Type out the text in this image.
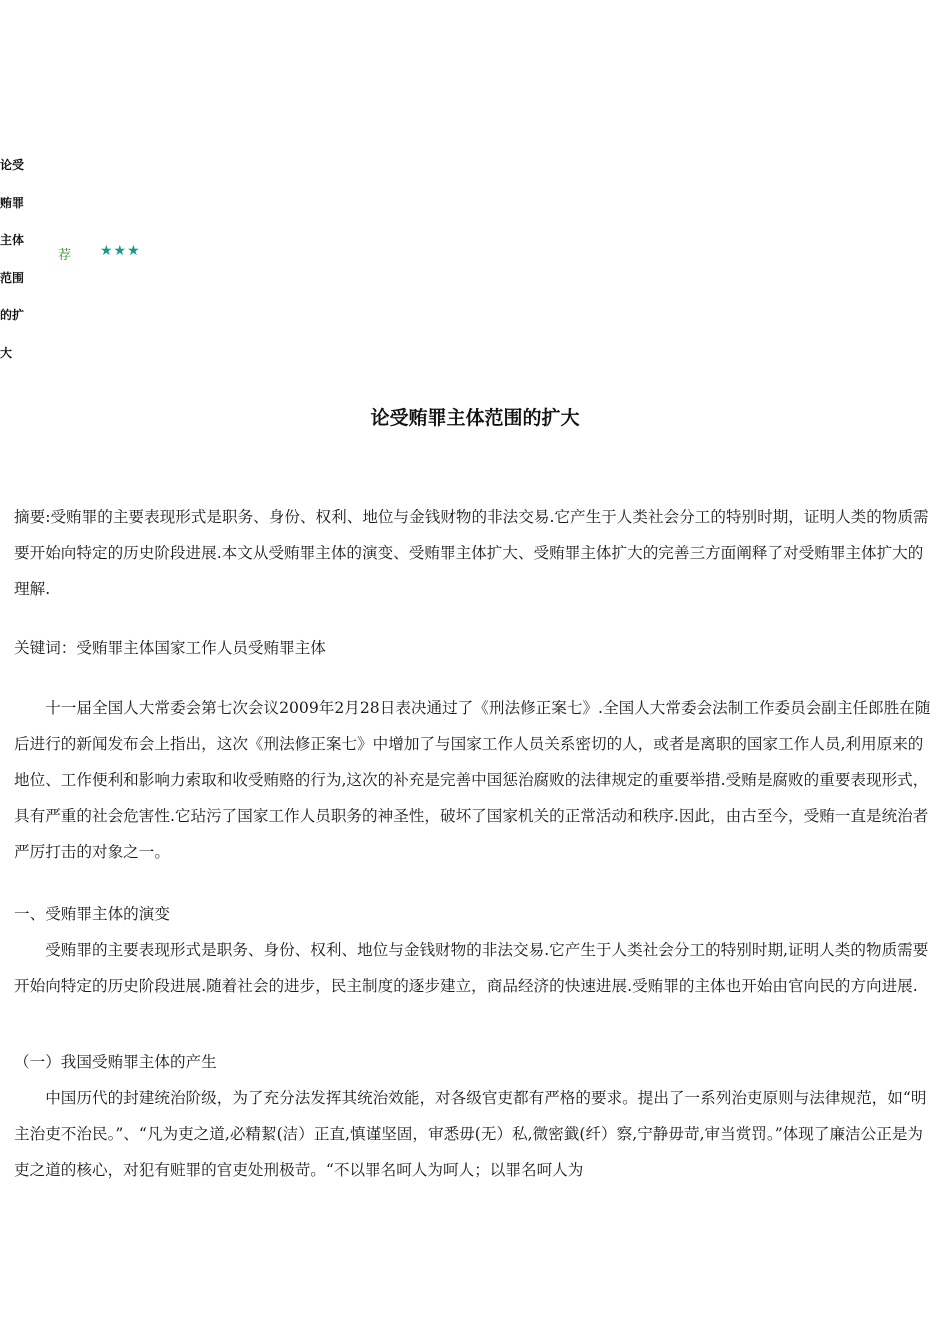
论受
贿罪
主体
范围
的扩
大
荐 ★★★
论受贿罪主体范围的扩大

摘要:受贿罪的主要表现形式是职务、身份、权利、地位与金钱财物的非法交易.它产生于人类社会分工的特别时期，证明人类的物质需要开始向特定的历史阶段进展.本文从受贿罪主体的演变、受贿罪主体扩大、受贿罪主体扩大的完善三方面阐释了对受贿罪主体扩大的理解.

关键词：受贿罪主体国家工作人员受贿罪主体

十一届全国人大常委会第七次会议2009年2月28日表决通过了《刑法修正案七》.全国人大常委会法制工作委员会副主任郎胜在随后进行的新闻发布会上指出，这次《刑法修正案七》中增加了与国家工作人员关系密切的人，或者是离职的国家工作人员,利用原来的地位、工作便利和影响力索取和收受贿赂的行为,这次的补充是完善中国惩治腐败的法律规定的重要举措.受贿是腐败的重要表现形式，具有严重的社会危害性.它玷污了国家工作人员职务的神圣性，破坏了国家机关的正常活动和秩序.因此，由古至今，受贿一直是统治者严厉打击的对象之一。

一、受贿罪主体的演变

受贿罪的主要表现形式是职务、身份、权利、地位与金钱财物的非法交易.它产生于人类社会分工的特别时期,证明人类的物质需要开始向特定的历史阶段进展.随着社会的进步，民主制度的逐步建立，商品经济的快速进展.受贿罪的主体也开始由官向民的方向进展.

（一）我国受贿罪主体的产生

中国历代的封建统治阶级，为了充分法发挥其统治效能，对各级官吏都有严格的要求。提出了一系列治吏原则与法律规范，如“明主治吏不治民。”、“凡为吏之道,必精絜(洁）正直,慎谨坚固，审悉毋(无）私,微密韱(纤）察,宁静毋苛,审当赏罚。”体现了廉洁公正是为吏之道的核心，对犯有赃罪的官吏处刑极苛。“不以罪名呵人为呵人；以罪名呵人为
